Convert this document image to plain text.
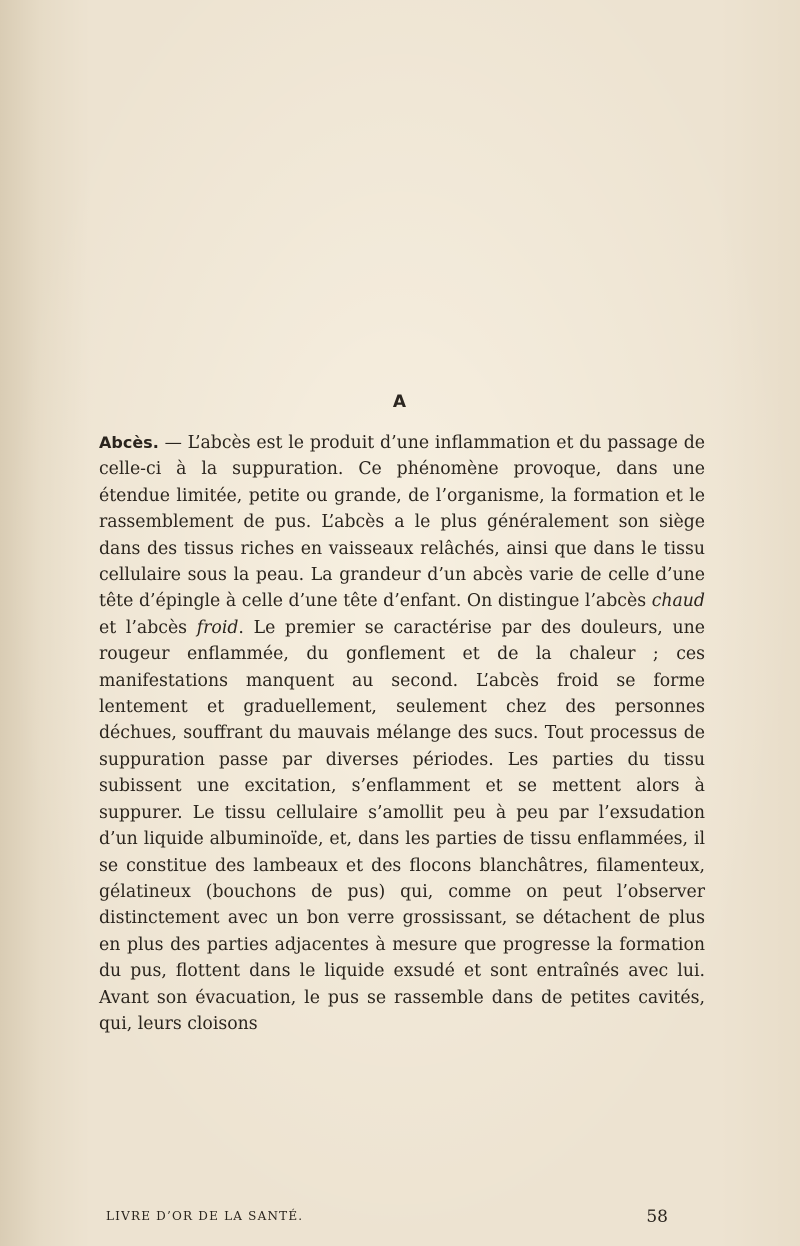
A

Abcès. — L’abcès est le produit d’une inflammation et du passage de celle-ci à la suppuration. Ce phénomène provoque, dans une étendue limitée, petite ou grande, de l’organisme, la formation et le rassemblement de pus. L’abcès a le plus généralement son siège dans des tissus riches en vaisseaux relâchés, ainsi que dans le tissu cellulaire sous la peau. La grandeur d’un abcès varie de celle d’une tête d’épingle à celle d’une tête d’enfant. On distingue l’abcès chaud et l’abcès froid. Le premier se caractérise par des douleurs, une rougeur enflammée, du gonflement et de la chaleur ; ces manifestations manquent au second. L’abcès froid se forme lentement et graduellement, seulement chez des personnes déchues, souffrant du mauvais mélange des sucs. Tout processus de suppuration passe par diverses périodes. Les parties du tissu subissent une excitation, s’enflamment et se mettent alors à suppurer. Le tissu cellulaire s’amollit peu à peu par l’exsudation d’un liquide albuminoïde, et, dans les parties de tissu enflammées, il se constitue des lambeaux et des flocons blanchâtres, filamenteux, gélatineux (bouchons de pus) qui, comme on peut l’observer distinctement avec un bon verre grossissant, se détachent de plus en plus des parties adjacentes à mesure que progresse la formation du pus, flottent dans le liquide exsudé et sont entraînés avec lui. Avant son évacuation, le pus se rassemble dans de petites cavités, qui, leurs cloisons

LIVRE D’OR DE LA SANTÉ.	58
